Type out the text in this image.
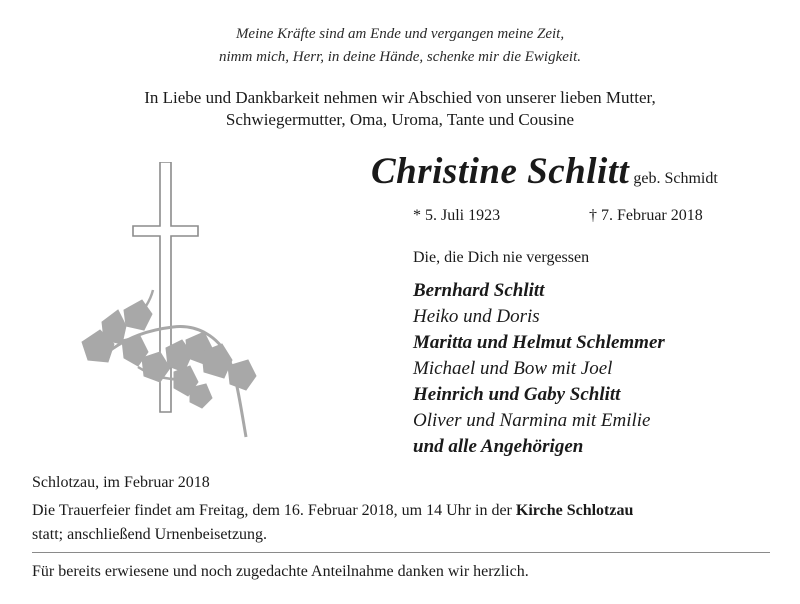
Meine Kräfte sind am Ende und vergangen meine Zeit,
nimm mich, Herr, in deine Hände, schenke mir die Ewigkeit.
In Liebe und Dankbarkeit nehmen wir Abschied von unserer lieben Mutter,
Schwiegermutter, Oma, Uroma, Tante und Cousine
Christine Schlitt geb. Schmidt
* 5. Juli 1923	† 7. Februar 2018
Die, die Dich nie vergessen
Bernhard Schlitt
Heiko und Doris
Maritta und Helmut Schlemmer
Michael und Bow mit Joel
Heinrich und Gaby Schlitt
Oliver und Narmina mit Emilie
und alle Angehörigen
Schlotzau, im Februar 2018
Die Trauerfeier findet am Freitag, dem 16. Februar 2018, um 14 Uhr in der Kirche Schlotzau
statt; anschließend Urnenbeisetzung.
Für bereits erwiesene und noch zugedachte Anteilnahme danken wir herzlich.
